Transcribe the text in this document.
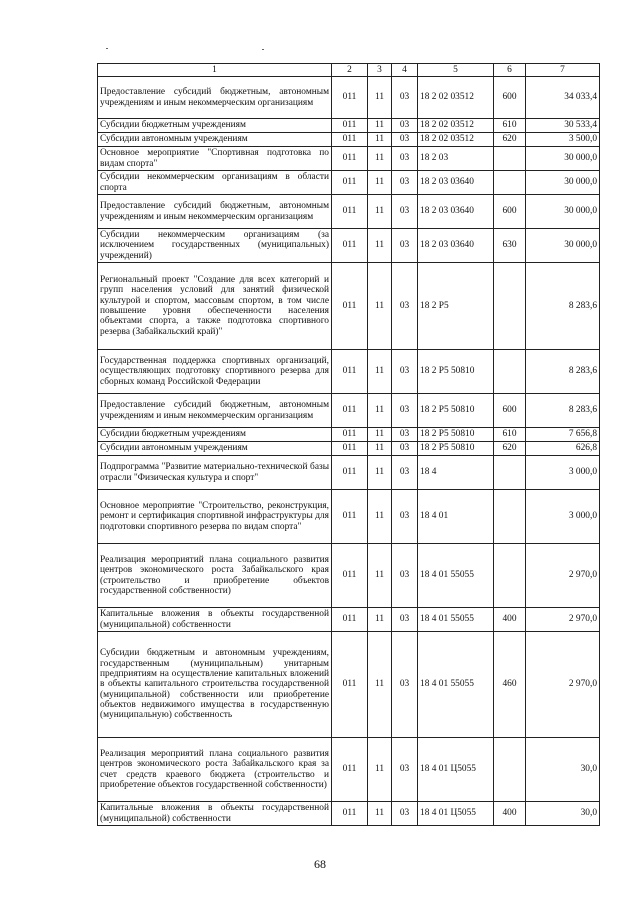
1	2	3	4	5	6	7
Предоставление субсидий бюджетным, автономным учреждениям и иным некоммерческим организациям	011	11	03	18 2 02 03512	600	34 033,4
Субсидии бюджетным учреждениям	011	11	03	18 2 02 03512	610	30 533,4
Субсидии автономным учреждениям	011	11	03	18 2 02 03512	620	3 500,0
Основное мероприятие "Спортивная подготовка по видам спорта"	011	11	03	18 2 03		30 000,0
Субсидии некоммерческим организациям в области спорта	011	11	03	18 2 03 03640		30 000,0
Предоставление субсидий бюджетным, автономным учреждениям и иным некоммерческим организациям	011	11	03	18 2 03 03640	600	30 000,0
Субсидии некоммерческим организациям (за исключением государственных (муниципальных) учреждений)	011	11	03	18 2 03 03640	630	30 000,0
Региональный проект "Создание для всех категорий и групп населения условий для занятий физической культурой и спортом, массовым спортом, в том числе повышение уровня обеспеченности населения объектами спорта, а также подготовка спортивного резерва (Забайкальский край)"	011	11	03	18 2 P5		8 283,6
Государственная поддержка спортивных организаций, осуществляющих подготовку спортивного резерва для сборных команд Российской Федерации	011	11	03	18 2 P5 50810		8 283,6
Предоставление субсидий бюджетным, автономным учреждениям и иным некоммерческим организациям	011	11	03	18 2 P5 50810	600	8 283,6
Субсидии бюджетным учреждениям	011	11	03	18 2 P5 50810	610	7 656,8
Субсидии автономным учреждениям	011	11	03	18 2 P5 50810	620	626,8
Подпрограмма "Развитие материально-технической базы отрасли "Физическая культура и спорт"	011	11	03	18 4		3 000,0
Основное мероприятие "Строительство, реконструкция, ремонт и сертификация спортивной инфраструктуры для подготовки спортивного резерва по видам спорта"	011	11	03	18 4 01		3 000,0
Реализация мероприятий плана социального развития центров экономического роста Забайкальского края (строительство и приобретение объектов государственной собственности)	011	11	03	18 4 01 55055		2 970,0
Капитальные вложения в объекты государственной (муниципальной) собственности	011	11	03	18 4 01 55055	400	2 970,0
Субсидии бюджетным и автономным учреждениям, государственным (муниципальным) унитарным предприятиям на осуществление капитальных вложений в объекты капитального строительства государственной (муниципальной) собственности или приобретение объектов недвижимого имущества в государственную (муниципальную) собственность	011	11	03	18 4 01 55055	460	2 970,0
Реализация мероприятий плана социального развития центров экономического роста Забайкальского края за счет средств краевого бюджета (строительство и приобретение объектов государственной собственности)	011	11	03	18 4 01 Ц5055		30,0
Капитальные вложения в объекты государственной (муниципальной) собственности	011	11	03	18 4 01 Ц5055	400	30,0
68
